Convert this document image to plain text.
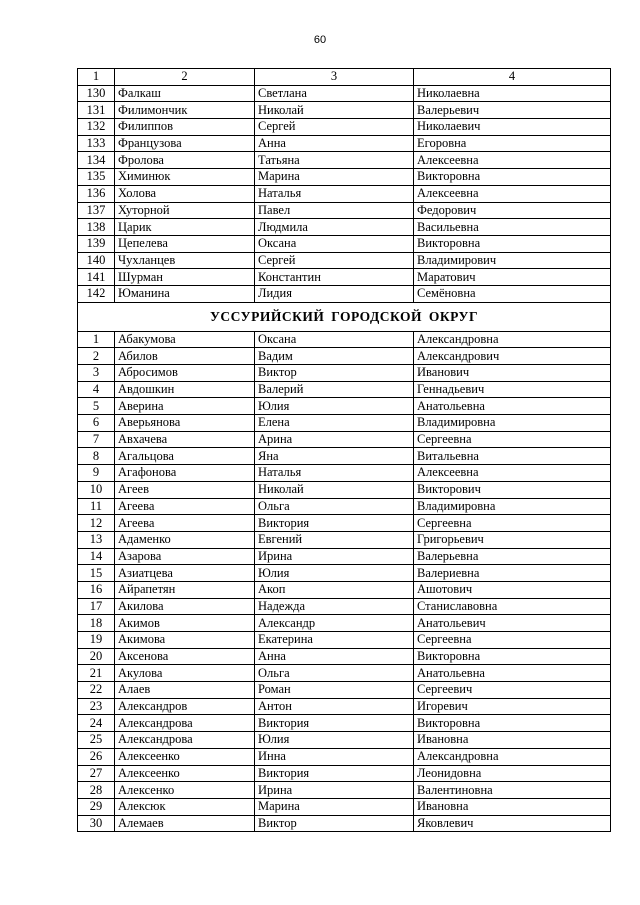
60
1	2	3	4
130	Фалкаш	Светлана	Николаевна
131	Филимончик	Николай	Валерьевич
132	Филиппов	Сергей	Николаевич
133	Французова	Анна	Егоровна
134	Фролова	Татьяна	Алексеевна
135	Химинюк	Марина	Викторовна
136	Холова	Наталья	Алексеевна
137	Хуторной	Павел	Федорович
138	Царик	Людмила	Васильевна
139	Цепелева	Оксана	Викторовна
140	Чухланцев	Сергей	Владимирович
141	Шурман	Константин	Маратович
142	Юманина	Лидия	Семёновна
УССУРИЙСКИЙ ГОРОДСКОЙ ОКРУГ			
1	Абакумова	Оксана	Александровна
2	Абилов	Вадим	Александрович
3	Абросимов	Виктор	Иванович
4	Авдошкин	Валерий	Геннадьевич
5	Аверина	Юлия	Анатольевна
6	Аверьянова	Елена	Владимировна
7	Авхачева	Арина	Сергеевна
8	Агальцова	Яна	Витальевна
9	Агафонова	Наталья	Алексеевна
10	Агеев	Николай	Викторович
11	Агеева	Ольга	Владимировна
12	Агеева	Виктория	Сергеевна
13	Адаменко	Евгений	Григорьевич
14	Азарова	Ирина	Валерьевна
15	Азиатцева	Юлия	Валериевна
16	Айрапетян	Акоп	Ашотович
17	Акилова	Надежда	Станиславовна
18	Акимов	Александр	Анатольевич
19	Акимова	Екатерина	Сергеевна
20	Аксенова	Анна	Викторовна
21	Акулова	Ольга	Анатольевна
22	Алаев	Роман	Сергеевич
23	Александров	Антон	Игоревич
24	Александрова	Виктория	Викторовна
25	Александрова	Юлия	Ивановна
26	Алексеенко	Инна	Александровна
27	Алексеенко	Виктория	Леонидовна
28	Алексенко	Ирина	Валентиновна
29	Алексюк	Марина	Ивановна
30	Алемаев	Виктор	Яковлевич
